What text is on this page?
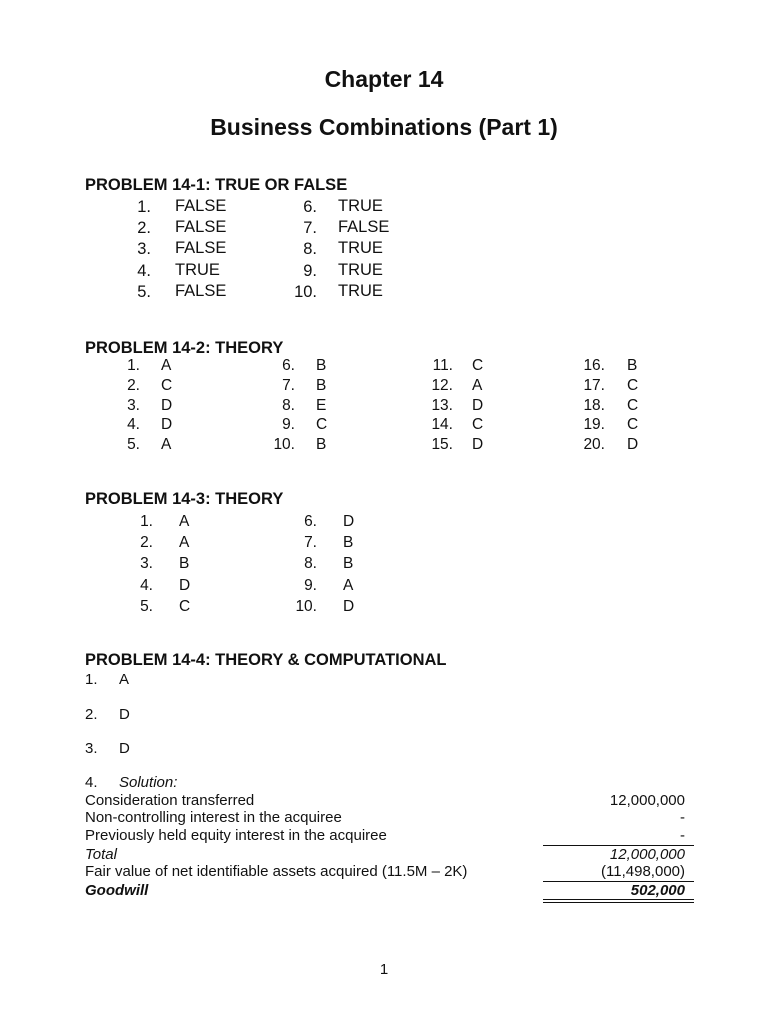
Chapter 14
Business Combinations (Part 1)
PROBLEM 14-1: TRUE OR FALSE
1. FALSE
2. FALSE
3. FALSE
4. TRUE
5. FALSE
6. TRUE
7. FALSE
8. TRUE
9. TRUE
10. TRUE
PROBLEM 14-2: THEORY
1. A
2. C
3. D
4. D
5. A
6. B
7. B
8. E
9. C
10. B
11. C
12. A
13. D
14. C
15. D
16. B
17. C
18. C
19. C
20. D
PROBLEM 14-3: THEORY
1. A
2. A
3. B
4. D
5. C
6. D
7. B
8. B
9. A
10. D
PROBLEM 14-4: THEORY & COMPUTATIONAL
1. A
2. D
3. D
4. Solution:
Consideration transferred	12,000,000
Non-controlling interest in the acquiree	-
Previously held equity interest in the acquiree	-
Total	12,000,000
Fair value of net identifiable assets acquired (11.5M – 2K)	(11,498,000)
Goodwill	502,000
1
